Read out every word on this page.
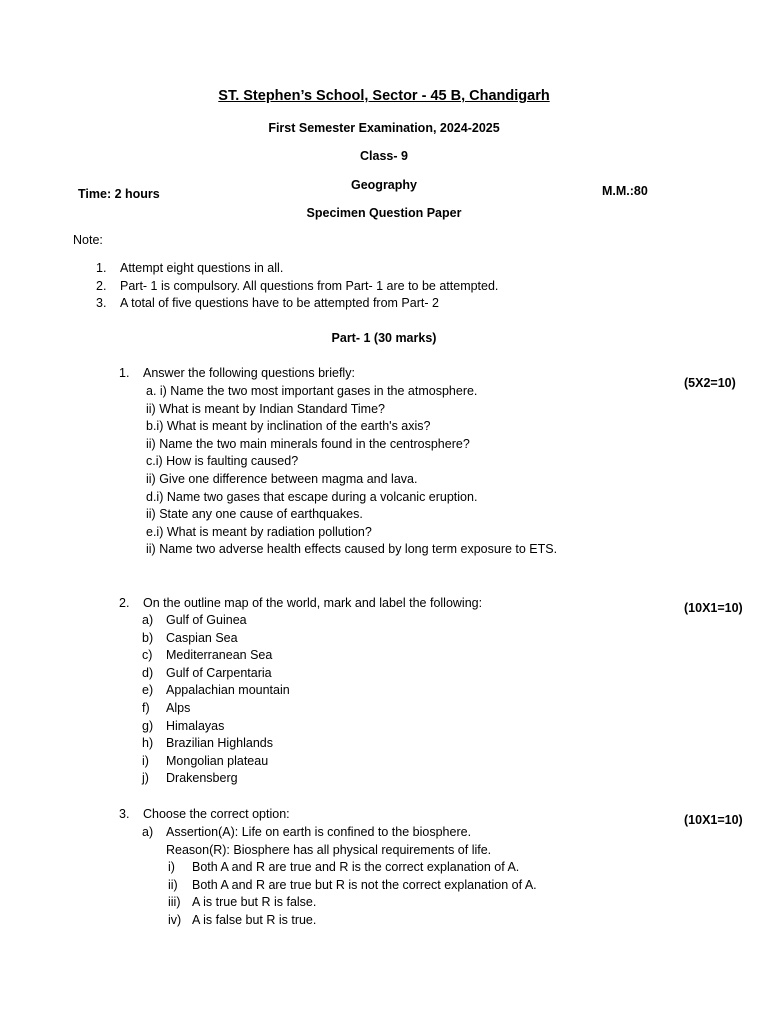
ST. Stephen’s School, Sector - 45 B, Chandigarh
First Semester Examination, 2024-2025
Class- 9
Geography
Time: 2 hours	M.M.:80
Specimen Question Paper
Note:
1. Attempt eight questions in all.
2. Part- 1 is compulsory. All questions from Part- 1 are to be attempted.
3. A total of five questions have to be attempted from Part- 2
Part- 1 (30 marks)
1. Answer the following questions briefly:
(5X2=10)
a. i) Name the two most important gases in the atmosphere.
ii) What is meant by Indian Standard Time?
b.i) What is meant by inclination of the earth's axis?
ii) Name the two main minerals found in the centrosphere?
c.i) How is faulting caused?
ii) Give one difference between magma and lava.
d.i) Name two gases that escape during a volcanic eruption.
ii) State any one cause of earthquakes.
e.i) What is meant by radiation pollution?
ii) Name two adverse health effects caused by long term exposure to ETS.
2. On the outline map of the world, mark and label the following:	(10X1=10)
a) Gulf of Guinea
b) Caspian Sea
c) Mediterranean Sea
d) Gulf of Carpentaria
e) Appalachian mountain
f) Alps
g) Himalayas
h) Brazilian Highlands
i) Mongolian plateau
j) Drakensberg
3. Choose the correct option:	(10X1=10)
a) Assertion(A): Life on earth is confined to the biosphere.
Reason(R): Biosphere has all physical requirements of life.
i) Both A and R are true and R is the correct explanation of A.
ii) Both A and R are true but R is not the correct explanation of A.
iii) A is true but R is false.
iv) A is false but R is true.
